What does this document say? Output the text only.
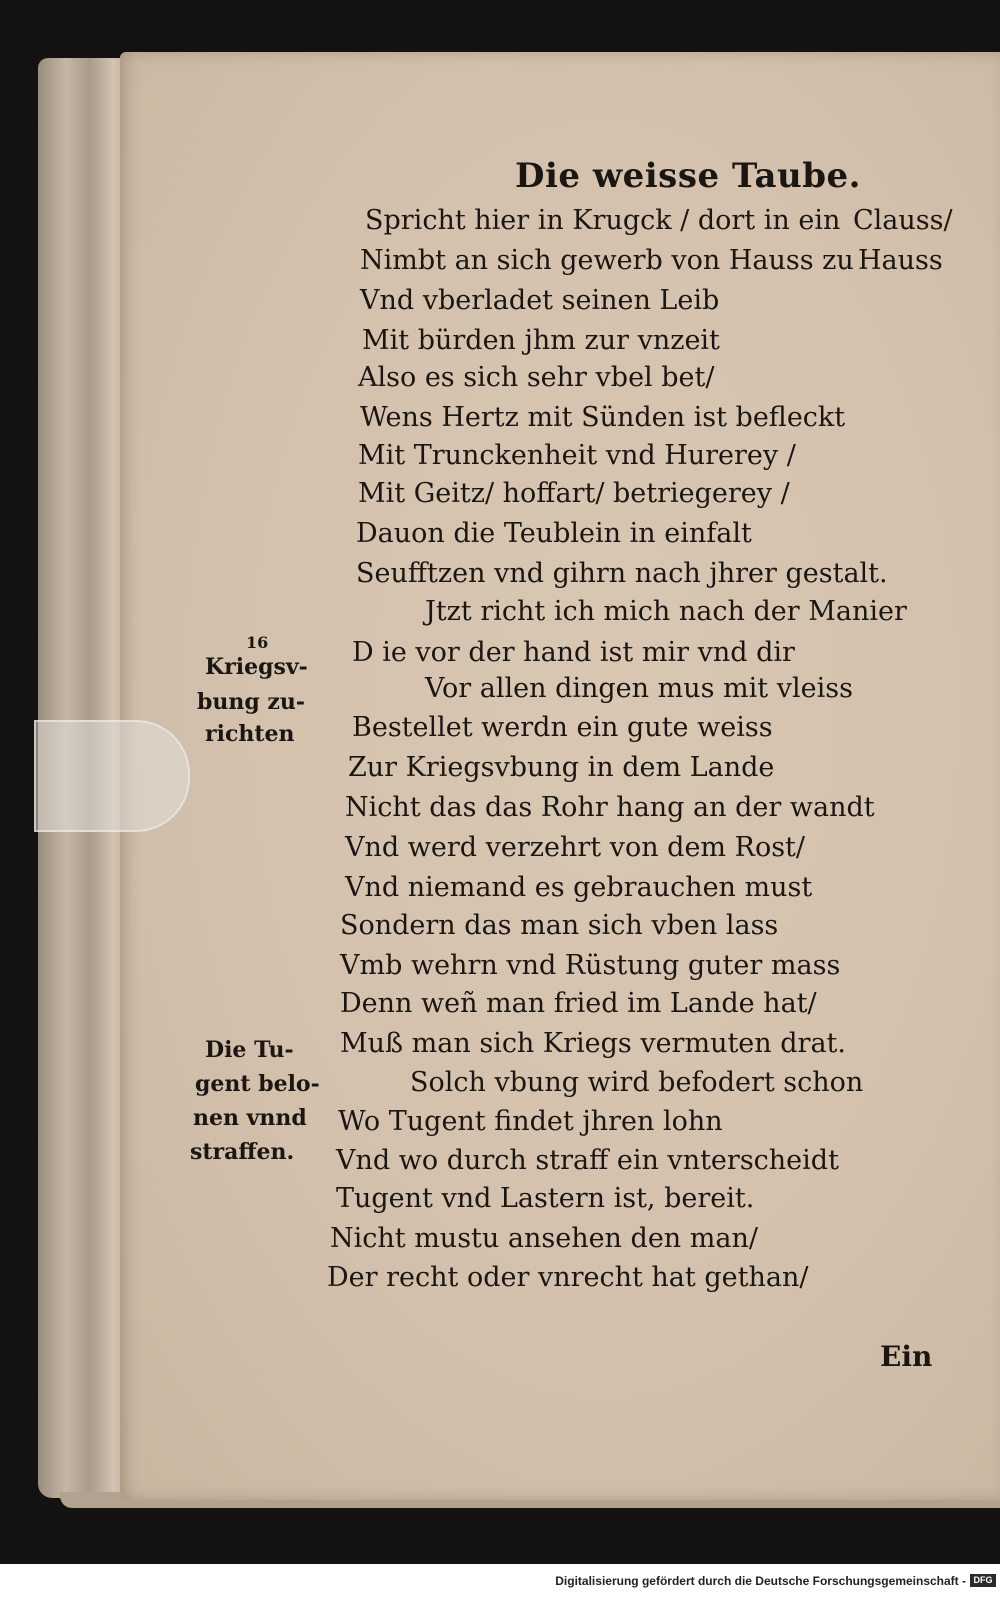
Die weisse Taube.
Spricht hier in Krugck / dort in ein
Nimbt an sich gewerb von Hauss zu
Vnd vberladet seinen Leib
Mit bürden jhm zur vnzeit
Also es sich sehr vbel bet/
Wens Hertz mit Sünden ist befleckt
Mit Trunckenheit vnd Hurerey /
Mit Geitz/ hoffart/ betriegerey /
Dauon die Teublein in einfalt
Seufftzen vnd gihrn nach jhrer gestalt.
Jtzt richt ich mich nach der Manier
D ie vor der hand ist mir vnd dir
Vor allen dingen mus mit vleiss
Bestellet werdn ein gute weiss
Zur Kriegsvbung in dem Lande
Nicht das das Rohr hang an der wandt
Vnd werd verzehrt von dem Rost/
Vnd niemand es gebrauchen must
Sondern das man sich vben lass
Vmb wehrn vnd Rüstung guter mass
Denn weñ man fried im Lande hat/
Muß man sich Kriegs vermuten drat.
Solch vbung wird befodert schon
Wo Tugent findet jhren lohn
Vnd wo durch straff ein vnterscheidt
Tugent vnd Lastern ist, bereit.
Nicht mustu ansehen den man/
Der recht oder vnrecht hat gethan/
Clauss/
Hauss
16
Kriegsv-
bung zu-
richten
Die Tu-
gent belo-
nen vnnd
straffen.
Ein
Digitalisierung gefördert durch die Deutsche Forschungsgemeinschaft - DFG
